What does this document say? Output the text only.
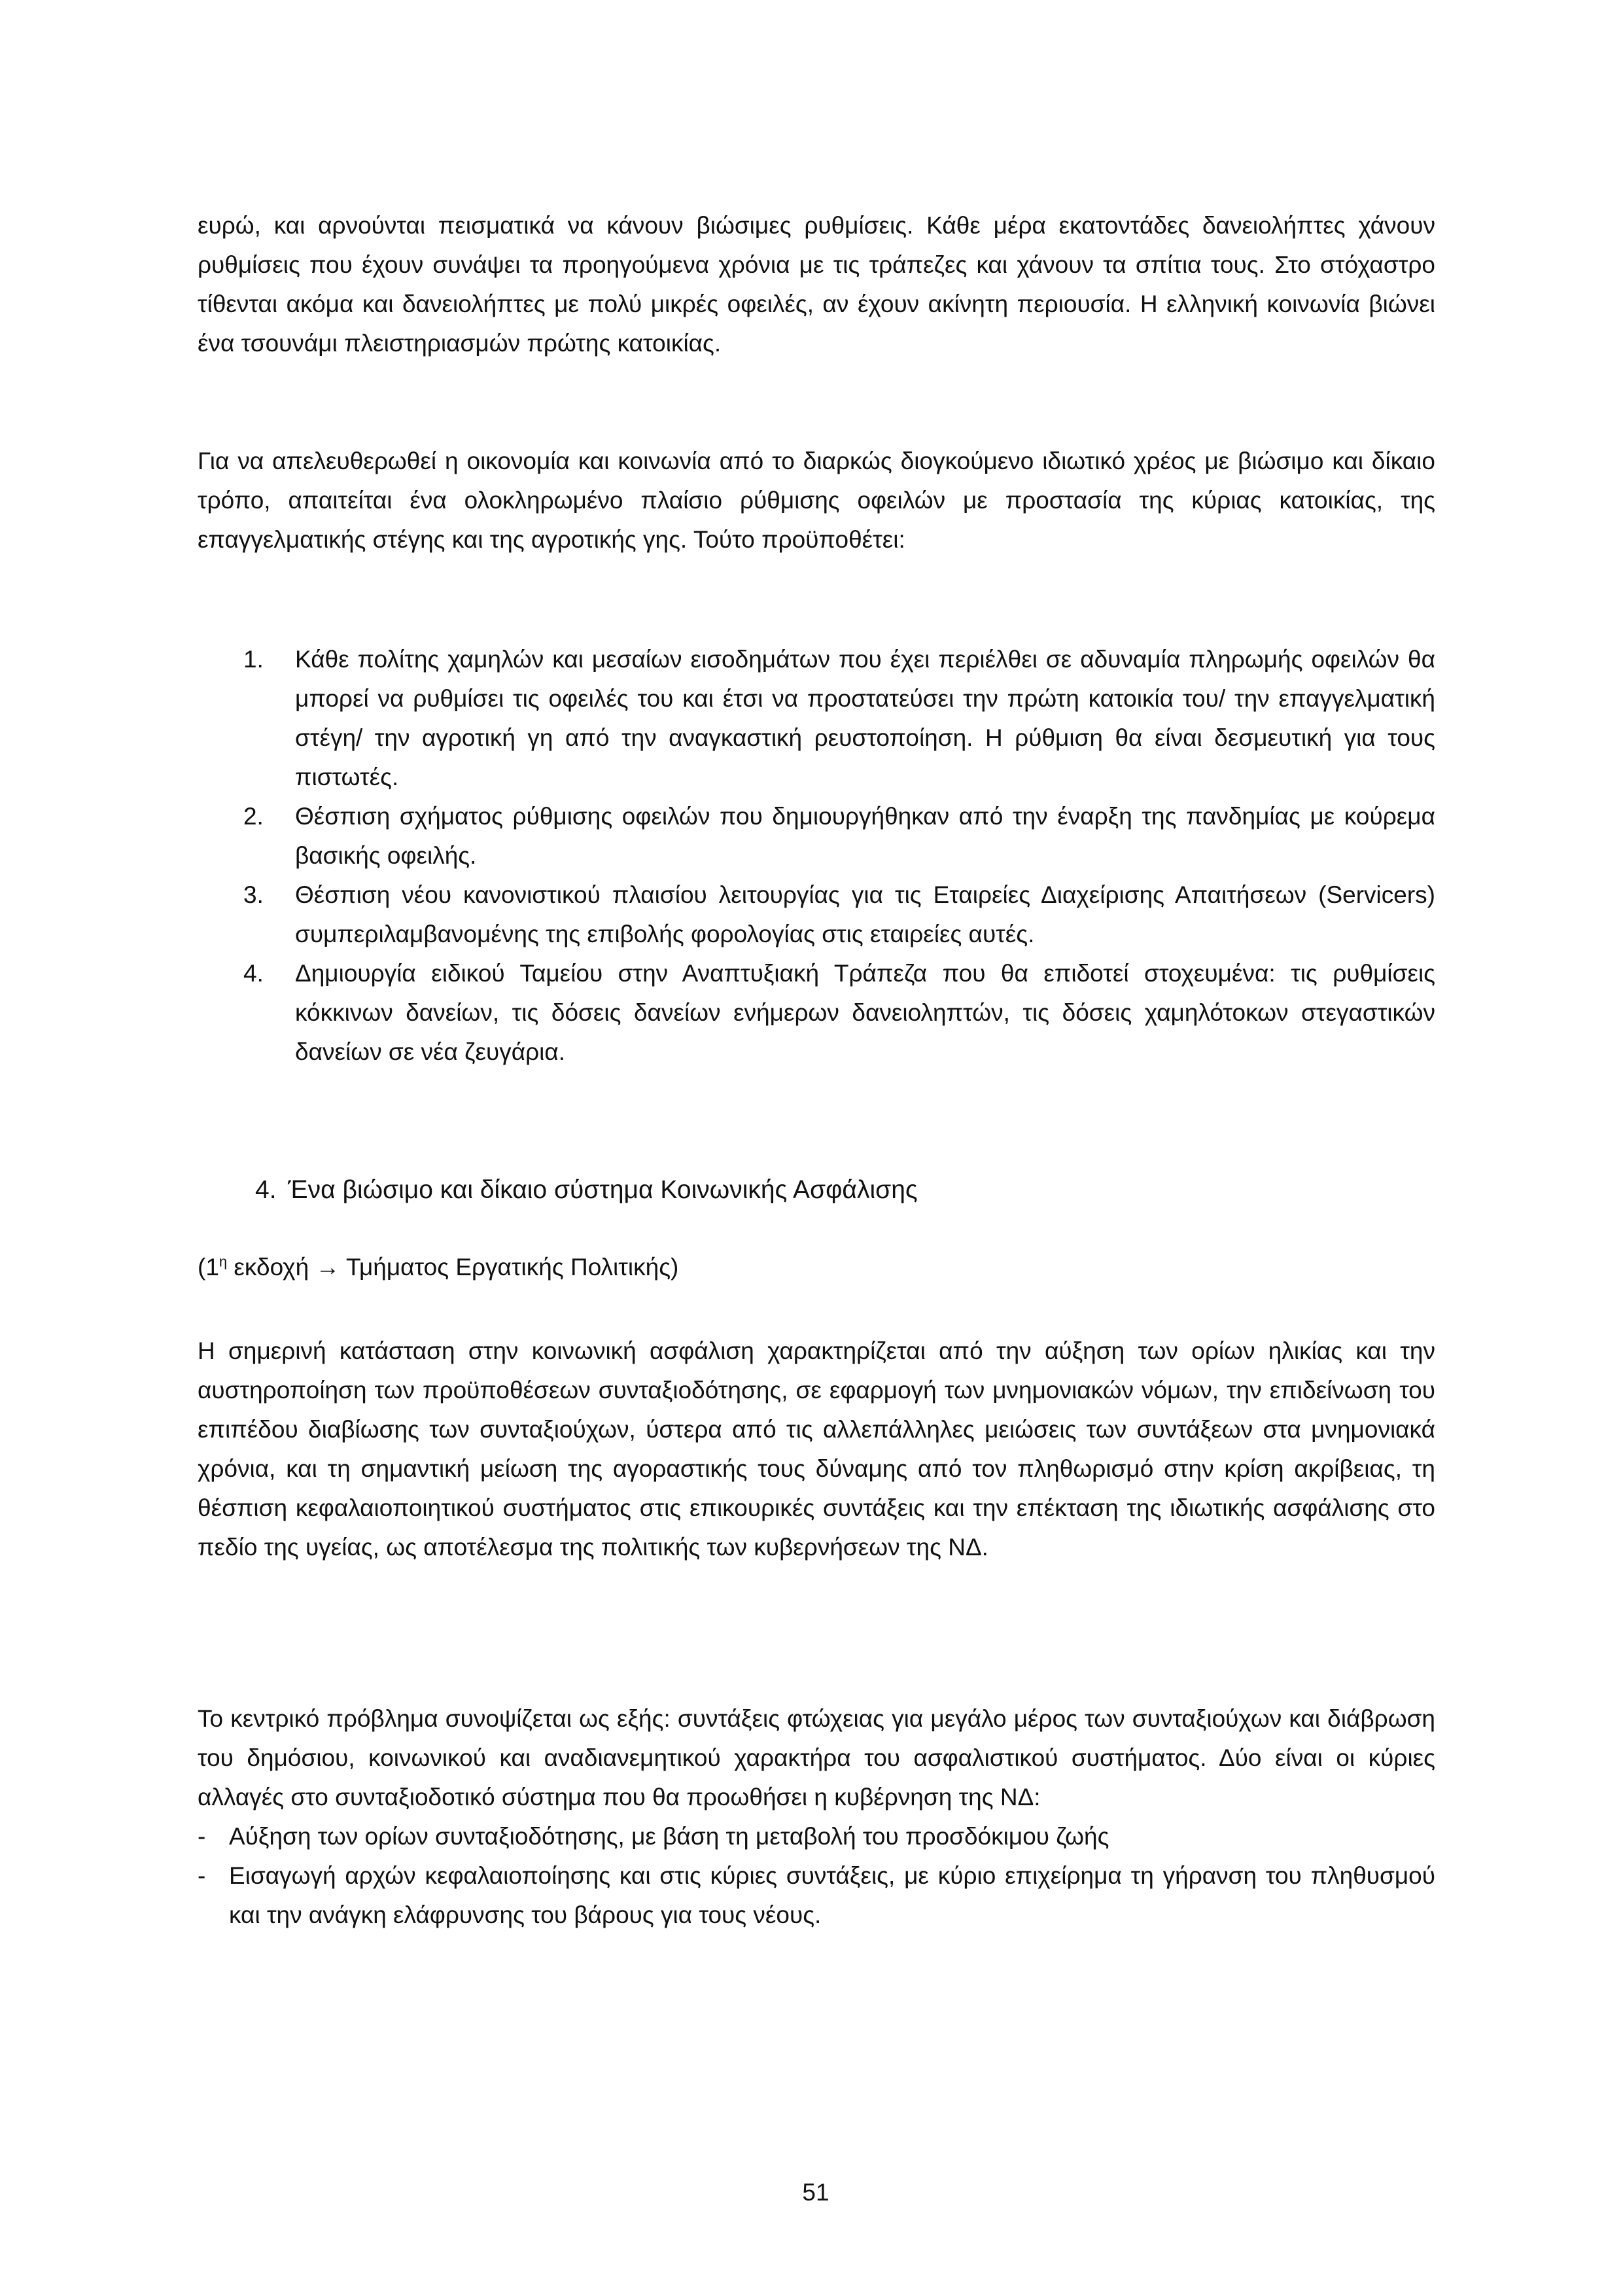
ευρώ, και αρνούνται πεισματικά να κάνουν βιώσιμες ρυθμίσεις. Κάθε μέρα εκατοντάδες δανειολήπτες χάνουν ρυθμίσεις που έχουν συνάψει τα προηγούμενα χρόνια με τις τράπεζες και χάνουν τα σπίτια τους. Στο στόχαστρο τίθενται ακόμα και δανειολήπτες με πολύ μικρές οφειλές, αν έχουν ακίνητη περιουσία. Η ελληνική κοινωνία βιώνει ένα τσουνάμι πλειστηριασμών πρώτης κατοικίας.

Για να απελευθερωθεί η οικονομία και κοινωνία από το διαρκώς διογκούμενο ιδιωτικό χρέος με βιώσιμο και δίκαιο τρόπο, απαιτείται ένα ολοκληρωμένο πλαίσιο ρύθμισης οφειλών με προστασία της κύριας κατοικίας, της επαγγελματικής στέγης και της αγροτικής γης. Τούτο προϋποθέτει:

1. Κάθε πολίτης χαμηλών και μεσαίων εισοδημάτων που έχει περιέλθει σε αδυναμία πληρωμής οφειλών θα μπορεί να ρυθμίσει τις οφειλές του και έτσι να προστατεύσει την πρώτη κατοικία του/ την επαγγελματική στέγη/ την αγροτική γη από την αναγκαστική ρευστοποίηση. Η ρύθμιση θα είναι δεσμευτική για τους πιστωτές.
2. Θέσπιση σχήματος ρύθμισης οφειλών που δημιουργήθηκαν από την έναρξη της πανδημίας με κούρεμα βασικής οφειλής.
3. Θέσπιση νέου κανονιστικού πλαισίου λειτουργίας για τις Εταιρείες Διαχείρισης Απαιτήσεων (Servicers) συμπεριλαμβανομένης της επιβολής φορολογίας στις εταιρείες αυτές.
4. Δημιουργία ειδικού Ταμείου στην Αναπτυξιακή Τράπεζα που θα επιδοτεί στοχευμένα: τις ρυθμίσεις κόκκινων δανείων, τις δόσεις δανείων ενήμερων δανειοληπτών, τις δόσεις χαμηλότοκων στεγαστικών δανείων σε νέα ζευγάρια.
4. Ένα βιώσιμο και δίκαιο σύστημα Κοινωνικής Ασφάλισης
($1^\eta$ εκδοχή → Τμήματος Εργατικής Πολιτικής)

Η σημερινή κατάσταση στην κοινωνική ασφάλιση χαρακτηρίζεται από την αύξηση των ορίων ηλικίας και την αυστηροποίηση των προϋποθέσεων συνταξιοδότησης, σε εφαρμογή των μνημονιακών νόμων, την επιδείνωση του επιπέδου διαβίωσης των συνταξιούχων, ύστερα από τις αλλεπάλληλες μειώσεις των συντάξεων στα μνημονιακά χρόνια, και τη σημαντική μείωση της αγοραστικής τους δύναμης από τον πληθωρισμό στην κρίση ακρίβειας, τη θέσπιση κεφαλαιοποιητικού συστήματος στις επικουρικές συντάξεις και την επέκταση της ιδιωτικής ασφάλισης στο πεδίο της υγείας, ως αποτέλεσμα της πολιτικής των κυβερνήσεων της ΝΔ.

Το κεντρικό πρόβλημα συνοψίζεται ως εξής: συντάξεις φτώχειας για μεγάλο μέρος των συνταξιούχων και διάβρωση του δημόσιου, κοινωνικού και αναδιανεμητικού χαρακτήρα του ασφαλιστικού συστήματος. Δύο είναι οι κύριες αλλαγές στο συνταξιοδοτικό σύστημα που θα προωθήσει η κυβέρνηση της ΝΔ:

- Αύξηση των ορίων συνταξιοδότησης, με βάση τη μεταβολή του προσδόκιμου ζωής
- Εισαγωγή αρχών κεφαλαιοποίησης και στις κύριες συντάξεις, με κύριο επιχείρημα τη γήρανση του πληθυσμού και την ανάγκη ελάφρυνσης του βάρους για τους νέους.
51
